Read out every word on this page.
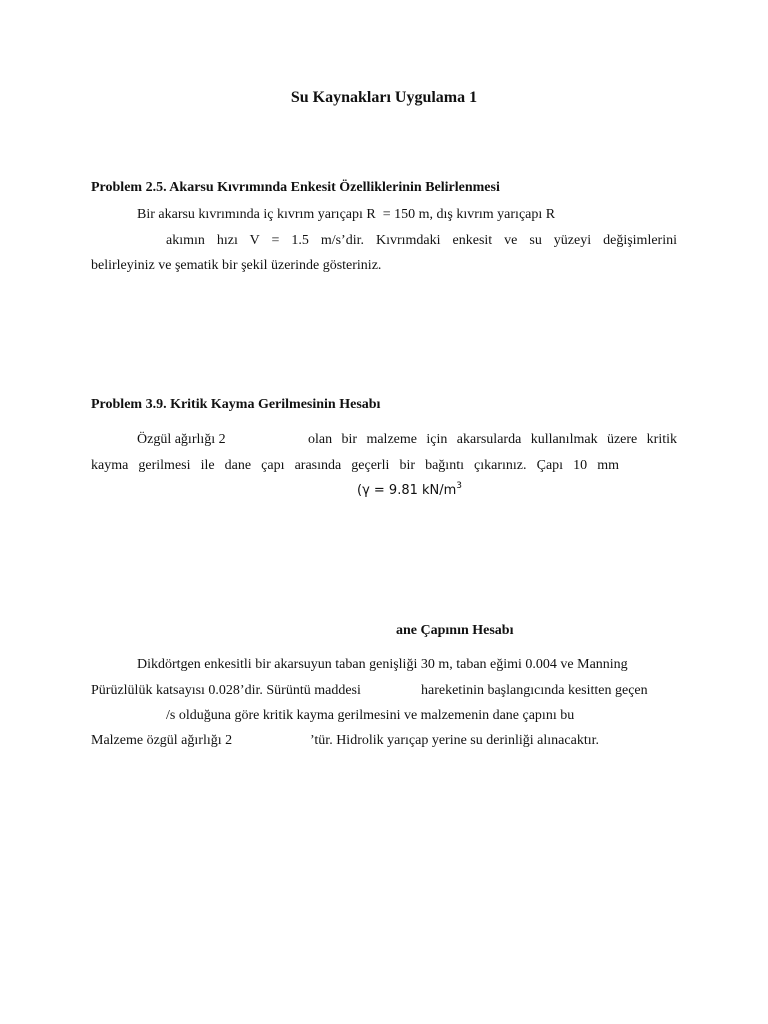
Su Kaynakları Uygulama 1
Problem 2.5. Akarsu Kıvrımında Enkesit Özelliklerinin Belirlenmesi
Bir akarsu kıvrımında iç kıvrım yarıçapı R  = 150 m, dış kıvrım yarıçapı R
akımın hızı V = 1.5 m/s’dir. Kıvrımdaki enkesit ve su yüzeyi değişimlerini
belirleyiniz ve şematik bir şekil üzerinde gösteriniz.
Problem 3.9. Kritik Kayma Gerilmesinin Hesabı
Özgül ağırlığı 2	olan bir malzeme için akarsularda kullanılmak üzere kritik
kayma gerilmesi ile dane çapı arasında geçerli bir bağıntı çıkarınız. Çapı 10 mm
(γ = 9.81 $kN/m^3$
ane Çapının Hesabı
Dikdörtgen enkesitli bir akarsuyun taban genişliği 30 m, taban eğimi 0.004 ve Manning
Pürüzlülük katsayısı 0.028’dir. Sürüntü maddesi	hareketinin başlangıcında kesitten geçen
/s olduğuna göre kritik kayma gerilmesini ve malzemenin dane çapını bu
Malzeme özgül ağırlığı 2	’tür. Hidrolik yarıçap yerine su derinliği alınacaktır.
